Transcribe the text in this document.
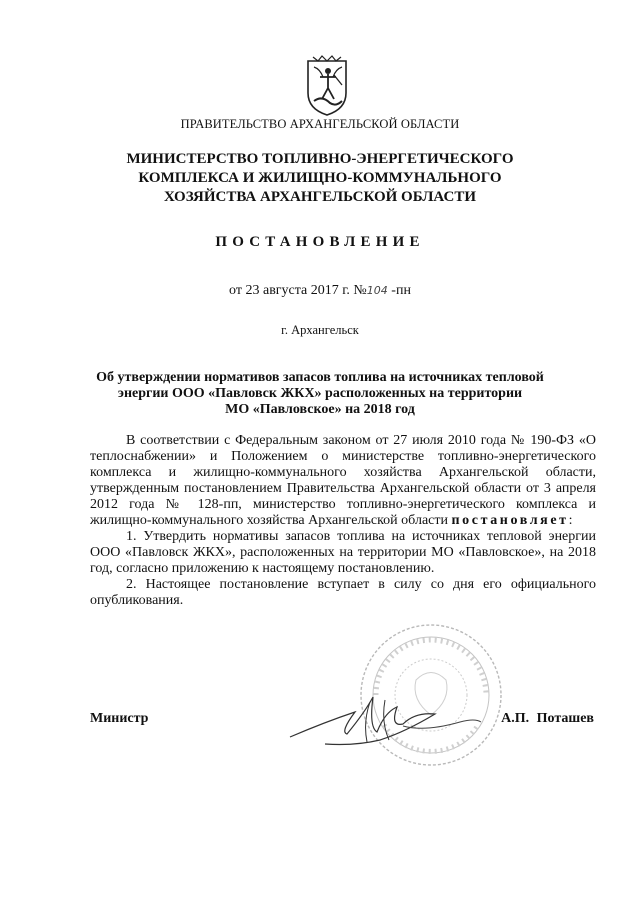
ПРАВИТЕЛЬСТВО АРХАНГЕЛЬСКОЙ ОБЛАСТИ
МИНИСТЕРСТВО ТОПЛИВНО-ЭНЕРГЕТИЧЕСКОГО
КОМПЛЕКСА И ЖИЛИЩНО-КОММУНАЛЬНОГО
ХОЗЯЙСТВА АРХАНГЕЛЬСКОЙ ОБЛАСТИ
ПОСТАНОВЛЕНИЕ
от 23 августа 2017 г. №104 -пн
г. Архангельск
Об утверждении нормативов запасов топлива на источниках тепловой
энергии ООО «Павловск ЖКХ» расположенных на территории
МО «Павловское» на 2018 год

В соответствии с Федеральным законом от 27 июля 2010 года № 190-ФЗ «О теплоснабжении» и Положением о министерстве топливно-энергетического комплекса и жилищно-коммунального хозяйства Архангельской области, утвержденным постановлением Правительства Архангельской области от 3 апреля 2012 года № 128-пп, министерство топливно-энергетического комплекса и жилищно-коммунального хозяйства Архангельской области постановляет:

1. Утвердить нормативы запасов топлива на источниках тепловой энергии ООО «Павловск ЖКХ», расположенных на территории МО «Павловское», на 2018 год, согласно приложению к настоящему постановлению.

2. Настоящее постановление вступает в силу со дня его официального опубликования.

Министр	А.П. Поташев
